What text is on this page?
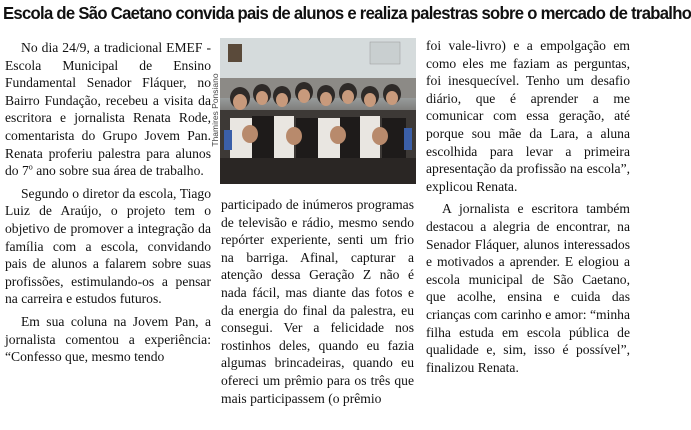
Escola de São Caetano convida pais de alunos e realiza palestras sobre o mercado de trabalho
Thamires Ponsiano

No dia 24/9, a tradicional EMEF - Escola Municipal de Ensino Fundamental Senador Fláquer, no Bairro Fundação, recebeu a visita da escritora e jornalista Renata Rode, comentarista do Grupo Jovem Pan. Renata proferiu palestra para alunos do 7$^o$ ano sobre sua área de trabalho.

Segundo o diretor da escola, Tiago Luiz de Araújo, o projeto tem o objetivo de promover a integração da família com a escola, convidando pais de alunos a falarem sobre suas profissões, estimulando-os a pensar na carreira e estudos futuros.

Em sua coluna na Jovem Pan, a jornalista comentou a experiência: “Confesso que, mesmo tendo

participado de inúmeros programas de televisão e rádio, mesmo sendo repórter experiente, senti um frio na barriga. Afinal, capturar a atenção dessa Geração Z não é nada fácil, mas diante das fotos e da energia do final da palestra, eu consegui. Ver a felicidade nos rostinhos deles, quando eu fazia algumas brincadeiras, quando eu ofereci um prêmio para os três que mais participassem (o prêmio

foi vale-livro) e a empolgação em como eles me faziam as perguntas, foi inesquecível. Tenho um desafio diário, que é aprender a me comunicar com essa geração, até porque sou mãe da Lara, a aluna escolhida para levar a primeira apresentação da profissão na escola”, explicou Renata.

A jornalista e escritora também destacou a alegria de encontrar, na Senador Fláquer, alunos interessados e motivados a aprender. E elogiou a escola municipal de São Caetano, que acolhe, ensina e cuida das crianças com carinho e amor: “minha filha estuda em escola pública de qualidade e, sim, isso é possível”, finalizou Renata.
